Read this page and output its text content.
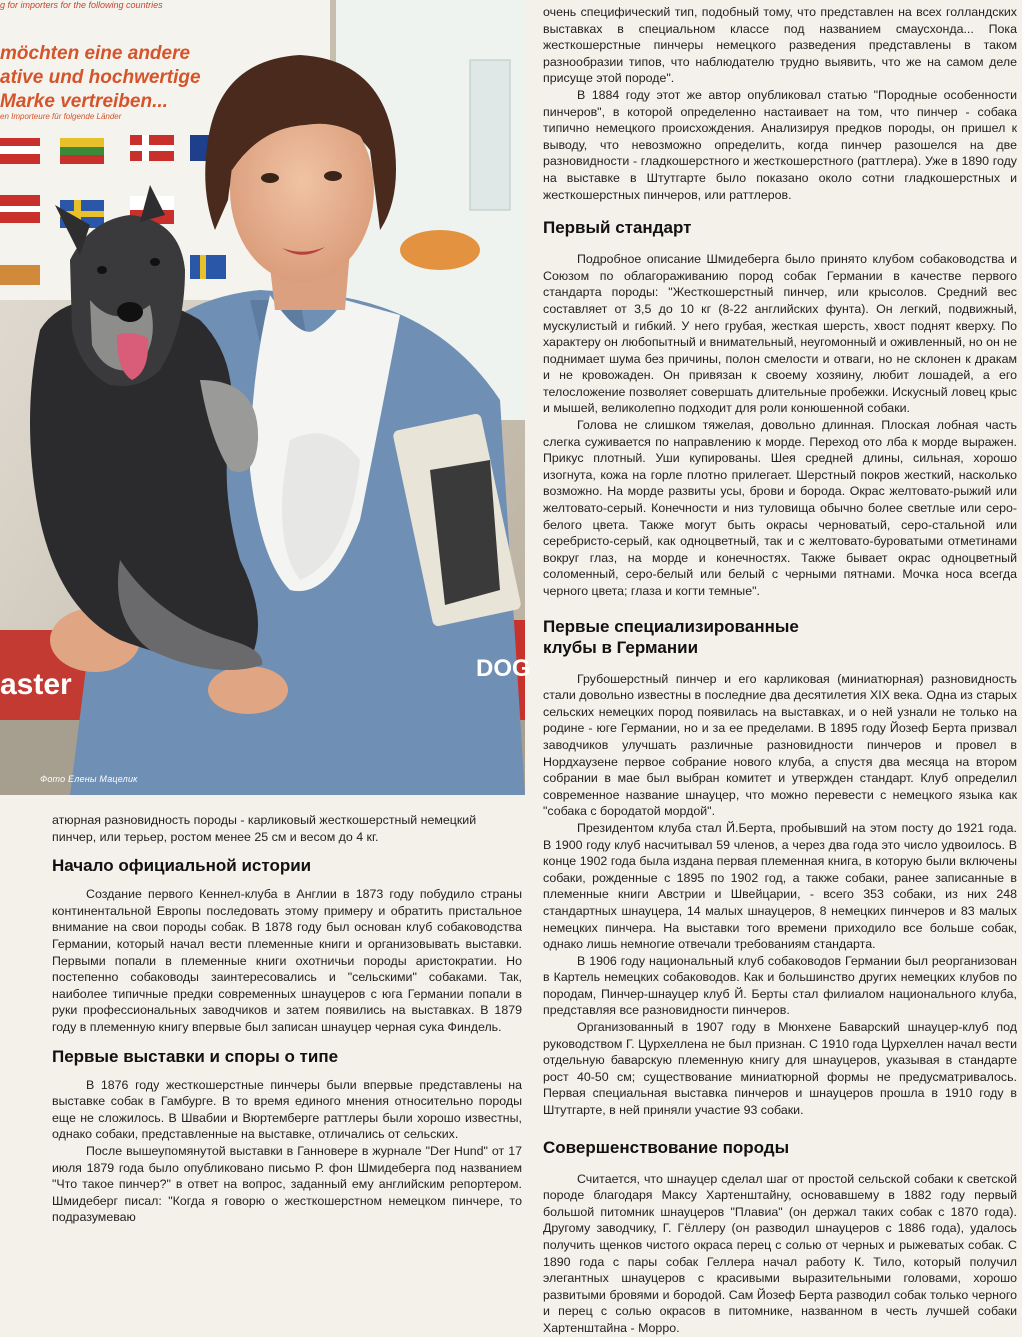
g for importers for the following countries
möchten eine andere
ative und hochwertige
Marke vertreiben...
en Importeure für folgende Länder
aster	DOG
Фото Елены Мацелик

атюрная разновидность породы - карликовый жесткошерстный немецкий пинчер, или терьер, ростом менее 25 см и весом до 4 кг.

Начало официальной истории

Создание первого Кеннел-клуба в Англии в 1873 году побудило страны континентальной Европы последовать этому примеру и обратить пристальное внимание на свои породы собак. В 1878 году был основан клуб собаководства Германии, который начал вести племенные книги и организовывать выставки. Первыми попали в племенные книги охотничьи породы аристократии. Но постепенно собаководы заинтересовались и "сельскими" собаками. Так, наиболее типичные предки современных шнауцеров с юга Германии попали в руки профессиональных заводчиков и затем появились на выставках. В 1879 году в племенную книгу впервые был записан шнауцер черная сука Финдель.

Первые выставки и споры о типе

В 1876 году жесткошерстные пинчеры были впервые представлены на выставке собак в Гамбурге. В то время единого мнения относительно породы еще не сложилось. В Швабии и Вюртемберге раттлеры были хорошо известны, однако собаки, представленные на выставке, отличались от сельских.

После вышеупомянутой выставки в Ганновере в журнале "Der Hund" от 17 июля 1879 года было опубликовано письмо Р. фон Шмидеберга под названием "Что такое пинчер?" в ответ на вопрос, заданный ему английским репортером. Шмидеберг писал: "Когда я говорю о жесткошерстном немецком пинчере, то подразумеваю

очень специфический тип, подобный тому, что представлен на всех голландских выставках в специальном классе под названием смаусхонда... Пока жесткошерстные пинчеры немецкого разведения представлены в таком разнообразии типов, что наблюдателю трудно выявить, что же на самом деле присуще этой породе".

В 1884 году этот же автор опубликовал статью "Породные особенности пинчеров", в которой определенно настаивает на том, что пинчер - собака типично немецкого происхождения. Анализируя предков породы, он пришел к выводу, что невозможно определить, когда пинчер разошелся на две разновидности - гладкошерстного и жесткошерстного (раттлера). Уже в 1890 году на выставке в Штутгарте было показано около сотни гладкошерстных и жесткошерстных пинчеров, или раттлеров.

Первый стандарт

Подробное описание Шмидеберга было принято клубом собаководства и Союзом по облагораживанию пород собак Германии в качестве первого стандарта породы: "Жесткошерстный пинчер, или крысолов. Средний вес составляет от 3,5 до 10 кг (8-22 английских фунта). Он легкий, подвижный, мускулистый и гибкий. У него грубая, жесткая шерсть, хвост поднят кверху. По характеру он любопытный и внимательный, неугомонный и оживленный, но он не поднимает шума без причины, полон смелости и отваги, но не склонен к дракам и не кровожаден. Он привязан к своему хозяину, любит лошадей, а его телосложение позволяет совершать длительные пробежки. Искусный ловец крыс и мышей, великолепно подходит для роли конюшенной собаки.

Голова не слишком тяжелая, довольно длинная. Плоская лобная часть слегка суживается по направлению к морде. Переход ото лба к морде выражен. Прикус плотный. Уши купированы. Шея средней длины, сильная, хорошо изогнута, кожа на горле плотно прилегает. Шерстный покров жесткий, насколько возможно. На морде развиты усы, брови и борода. Окрас желтовато-рыжий или желтовато-серый. Конечности и низ туловища обычно более светлые или серо-белого цвета. Также могут быть окрасы черноватый, серо-стальной или серебристо-серый, как одноцветный, так и с желтовато-буроватыми отметинами вокруг глаз, на морде и конечностях. Также бывает окрас одноцветный соломенный, серо-белый или белый с черными пятнами. Мочка носа всегда черного цвета; глаза и когти темные".

Первые специализированные
клубы в Германии

Грубошерстный пинчер и его карликовая (миниатюрная) разновидность стали довольно известны в последние два десятилетия XIX века. Одна из старых сельских немецких пород появилась на выставках, и о ней узнали не только на родине - юге Германии, но и за ее пределами. В 1895 году Йозеф Берта призвал заводчиков улучшать различные разновидности пинчеров и провел в Нордхаузене первое собрание нового клуба, а спустя два месяца на втором собрании в мае был выбран комитет и утвержден стандарт. Клуб определил современное название шнауцер, что можно перевести с немецкого языка как "собака с бородатой мордой".

Президентом клуба стал Й.Берта, пробывший на этом посту до 1921 года. В 1900 году клуб насчитывал 59 членов, а через два года это число удвоилось. В конце 1902 года была издана первая племенная книга, в которую были включены собаки, рожденные с 1895 по 1902 год, а также собаки, ранее записанные в племенные книги Австрии и Швейцарии, - всего 353 собаки, из них 248 стандартных шнауцера, 14 малых шнауцеров, 8 немецких пинчеров и 83 малых немецких пинчера. На выставки того времени приходило все больше собак, однако лишь немногие отвечали требованиям стандарта.

В 1906 году национальный клуб собаководов Германии был реорганизован в Картель немецких собаководов. Как и большинство других немецких клубов по породам, Пинчер-шнауцер клуб Й. Берты стал филиалом национального клуба, представляя все разновидности пинчеров.

Организованный в 1907 году в Мюнхене Баварский шнауцер-клуб под руководством Г. Цурхеллена не был признан. С 1910 года Цурхеллен начал вести отдельную баварскую племенную книгу для шнауцеров, указывая в стандарте рост 40-50 см; существование миниатюрной формы не предусматривалось. Первая специальная выставка пинчеров и шнауцеров прошла в 1910 году в Штутгарте, в ней приняли участие 93 собаки.

Совершенствование породы

Считается, что шнауцер сделал шаг от простой сельской собаки к светской породе благодаря Максу Хартенштайну, основавшему в 1882 году первый большой питомник шнауцеров "Плавиа" (он держал таких собак с 1870 года). Другому заводчику, Г. Гёллеру (он разводил шнауцеров с 1886 года), удалось получить щенков чистого окраса перец с солью от черных и рыжеватых собак. С 1890 года с пары собак Геллера начал работу К. Тило, который получил элегантных шнауцеров с красивыми выразительными головами, хорошо развитыми бровями и бородой. Сам Йозеф Берта разводил собак только черного и перец с солью окрасов в питомнике, названном в честь лучшей собаки Хартенштайна - Морро.
